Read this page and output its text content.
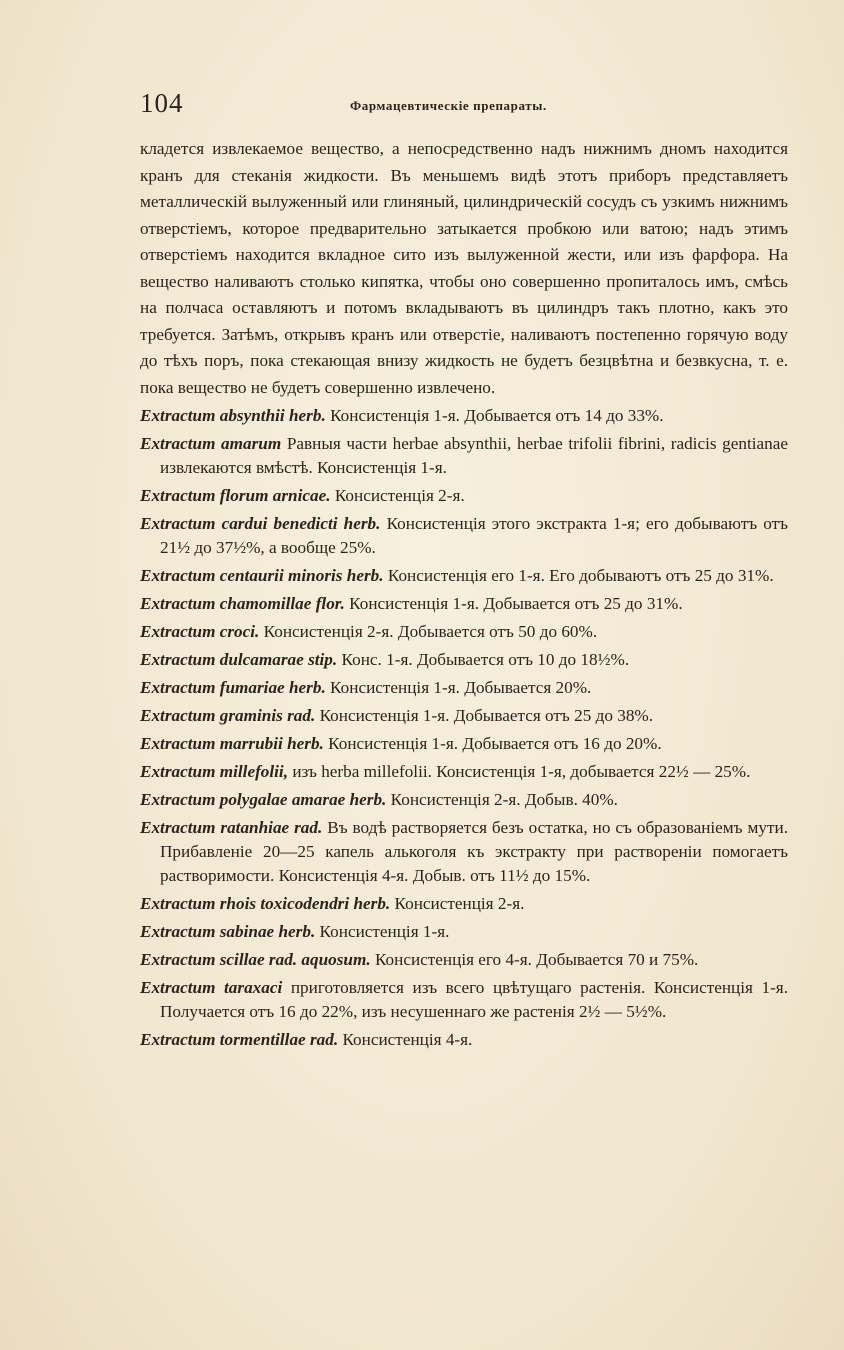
104	Фармацевтическіе препараты.

кладется извлекаемое вещество, а непосредственно надъ нижнимъ дномъ находится кранъ для стеканія жидкости. Въ меньшемъ видѣ этотъ приборъ представляетъ металлическій вылуженный или глиняный, цилиндрическій сосудъ съ узкимъ нижнимъ отверстіемъ, которое предварительно затыкается пробкою или ватою; надъ этимъ отверстіемъ находится вкладное сито изъ вылуженной жести, или изъ фарфора. На вещество наливаютъ столько кипятка, чтобы оно совершенно пропиталось имъ, смѣсь на полчаса оставляютъ и потомъ вкладываютъ въ цилиндръ такъ плотно, какъ это требуется. Затѣмъ, открывъ кранъ или отверстіе, наливаютъ постепенно горячую воду до тѣхъ поръ, пока стекающая внизу жидкость не будетъ безцвѣтна и безвкусна, т. е. пока вещество не будетъ совершенно извлечено.

Extractum absynthii herb. Консистенція 1-я. Добывается отъ 14 до 33%.

Extractum amarum Равныя части herbae absynthii, herbae trifolii fibrini, radicis gentianae извлекаются вмѣстѣ. Консистенція 1-я.

Extractum florum arnicae. Консистенція 2-я.

Extractum cardui benedicti herb. Консистенція этого экстракта 1-я; его добываютъ отъ 21½ до 37½%, а вообще 25%.

Extractum centaurii minoris herb. Консистенція его 1-я. Его добываютъ отъ 25 до 31%.

Extractum chamomillae flor. Консистенція 1-я. Добывается отъ 25 до 31%.

Extractum croci. Консистенція 2-я. Добывается отъ 50 до 60%.

Extractum dulcamarae stip. Конс. 1-я. Добывается отъ 10 до 18½%.

Extractum fumariae herb. Консистенція 1-я. Добывается 20%.

Extractum graminis rad. Консистенція 1-я. Добывается отъ 25 до 38%.

Extractum marrubii herb. Консистенція 1-я. Добывается отъ 16 до 20%.

Extractum millefolii, изъ herba millefolii. Консистенція 1-я, добывается 22½ — 25%.

Extractum polygalae amarae herb. Консистенція 2-я. Добыв. 40%.

Extractum ratanhiae rad. Въ водѣ растворяется безъ остатка, но съ образованіемъ мути. Прибавленіе 20—25 капель алькоголя къ экстракту при раствореніи помогаетъ растворимости. Консистенція 4-я. Добыв. отъ 11½ до 15%.

Extractum rhois toxicodendri herb. Консистенція 2-я.

Extractum sabinae herb. Консистенція 1-я.

Extractum scillae rad. aquosum. Консистенція его 4-я. Добывается 70 и 75%.

Extractum taraxaci приготовляется изъ всего цвѣтущаго растенія. Консистенція 1-я. Получается отъ 16 до 22%, изъ несушеннаго же растенія 2½ — 5½%.

Extractum tormentillae rad. Консистенція 4-я.
